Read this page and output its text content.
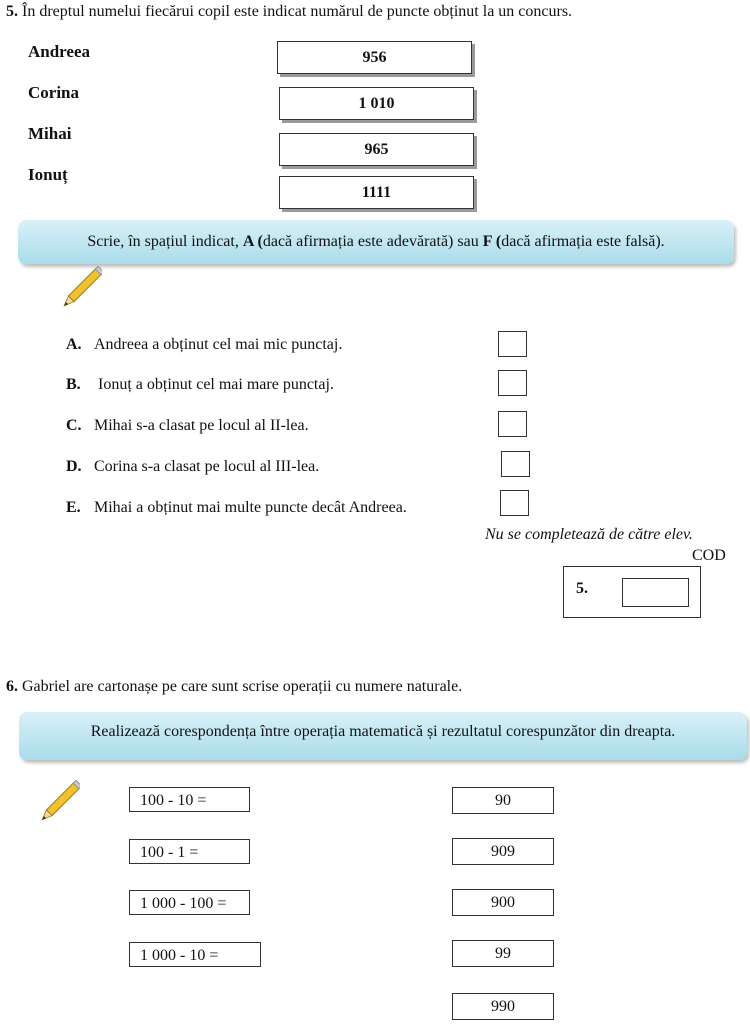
5. În dreptul numelui fiecărui copil este indicat numărul de puncte obținut la un concurs.
Andreea
Corina
Mihai
Ionuț
956
1 010
965
1111
Scrie, în spațiul indicat, A (dacă afirmația este adevărată) sau F (dacă afirmația este falsă).
A. Andreea a obținut cel mai mic punctaj.
B. Ionuț a obținut cel mai mare punctaj.
C. Mihai s-a clasat pe locul al II-lea.
D. Corina s-a clasat pe locul al III-lea.
E. Mihai a obținut mai multe puncte decât Andreea.
Nu se completează de către elev.
COD
5.
6. Gabriel are cartonașe pe care sunt scrise operații cu numere naturale.
Realizează corespondența între operația matematică și rezultatul corespunzător din dreapta.
100 - 10 =
100 - 1 =
1 000 - 100 =
1 000 - 10 =
90
909
900
99
990
